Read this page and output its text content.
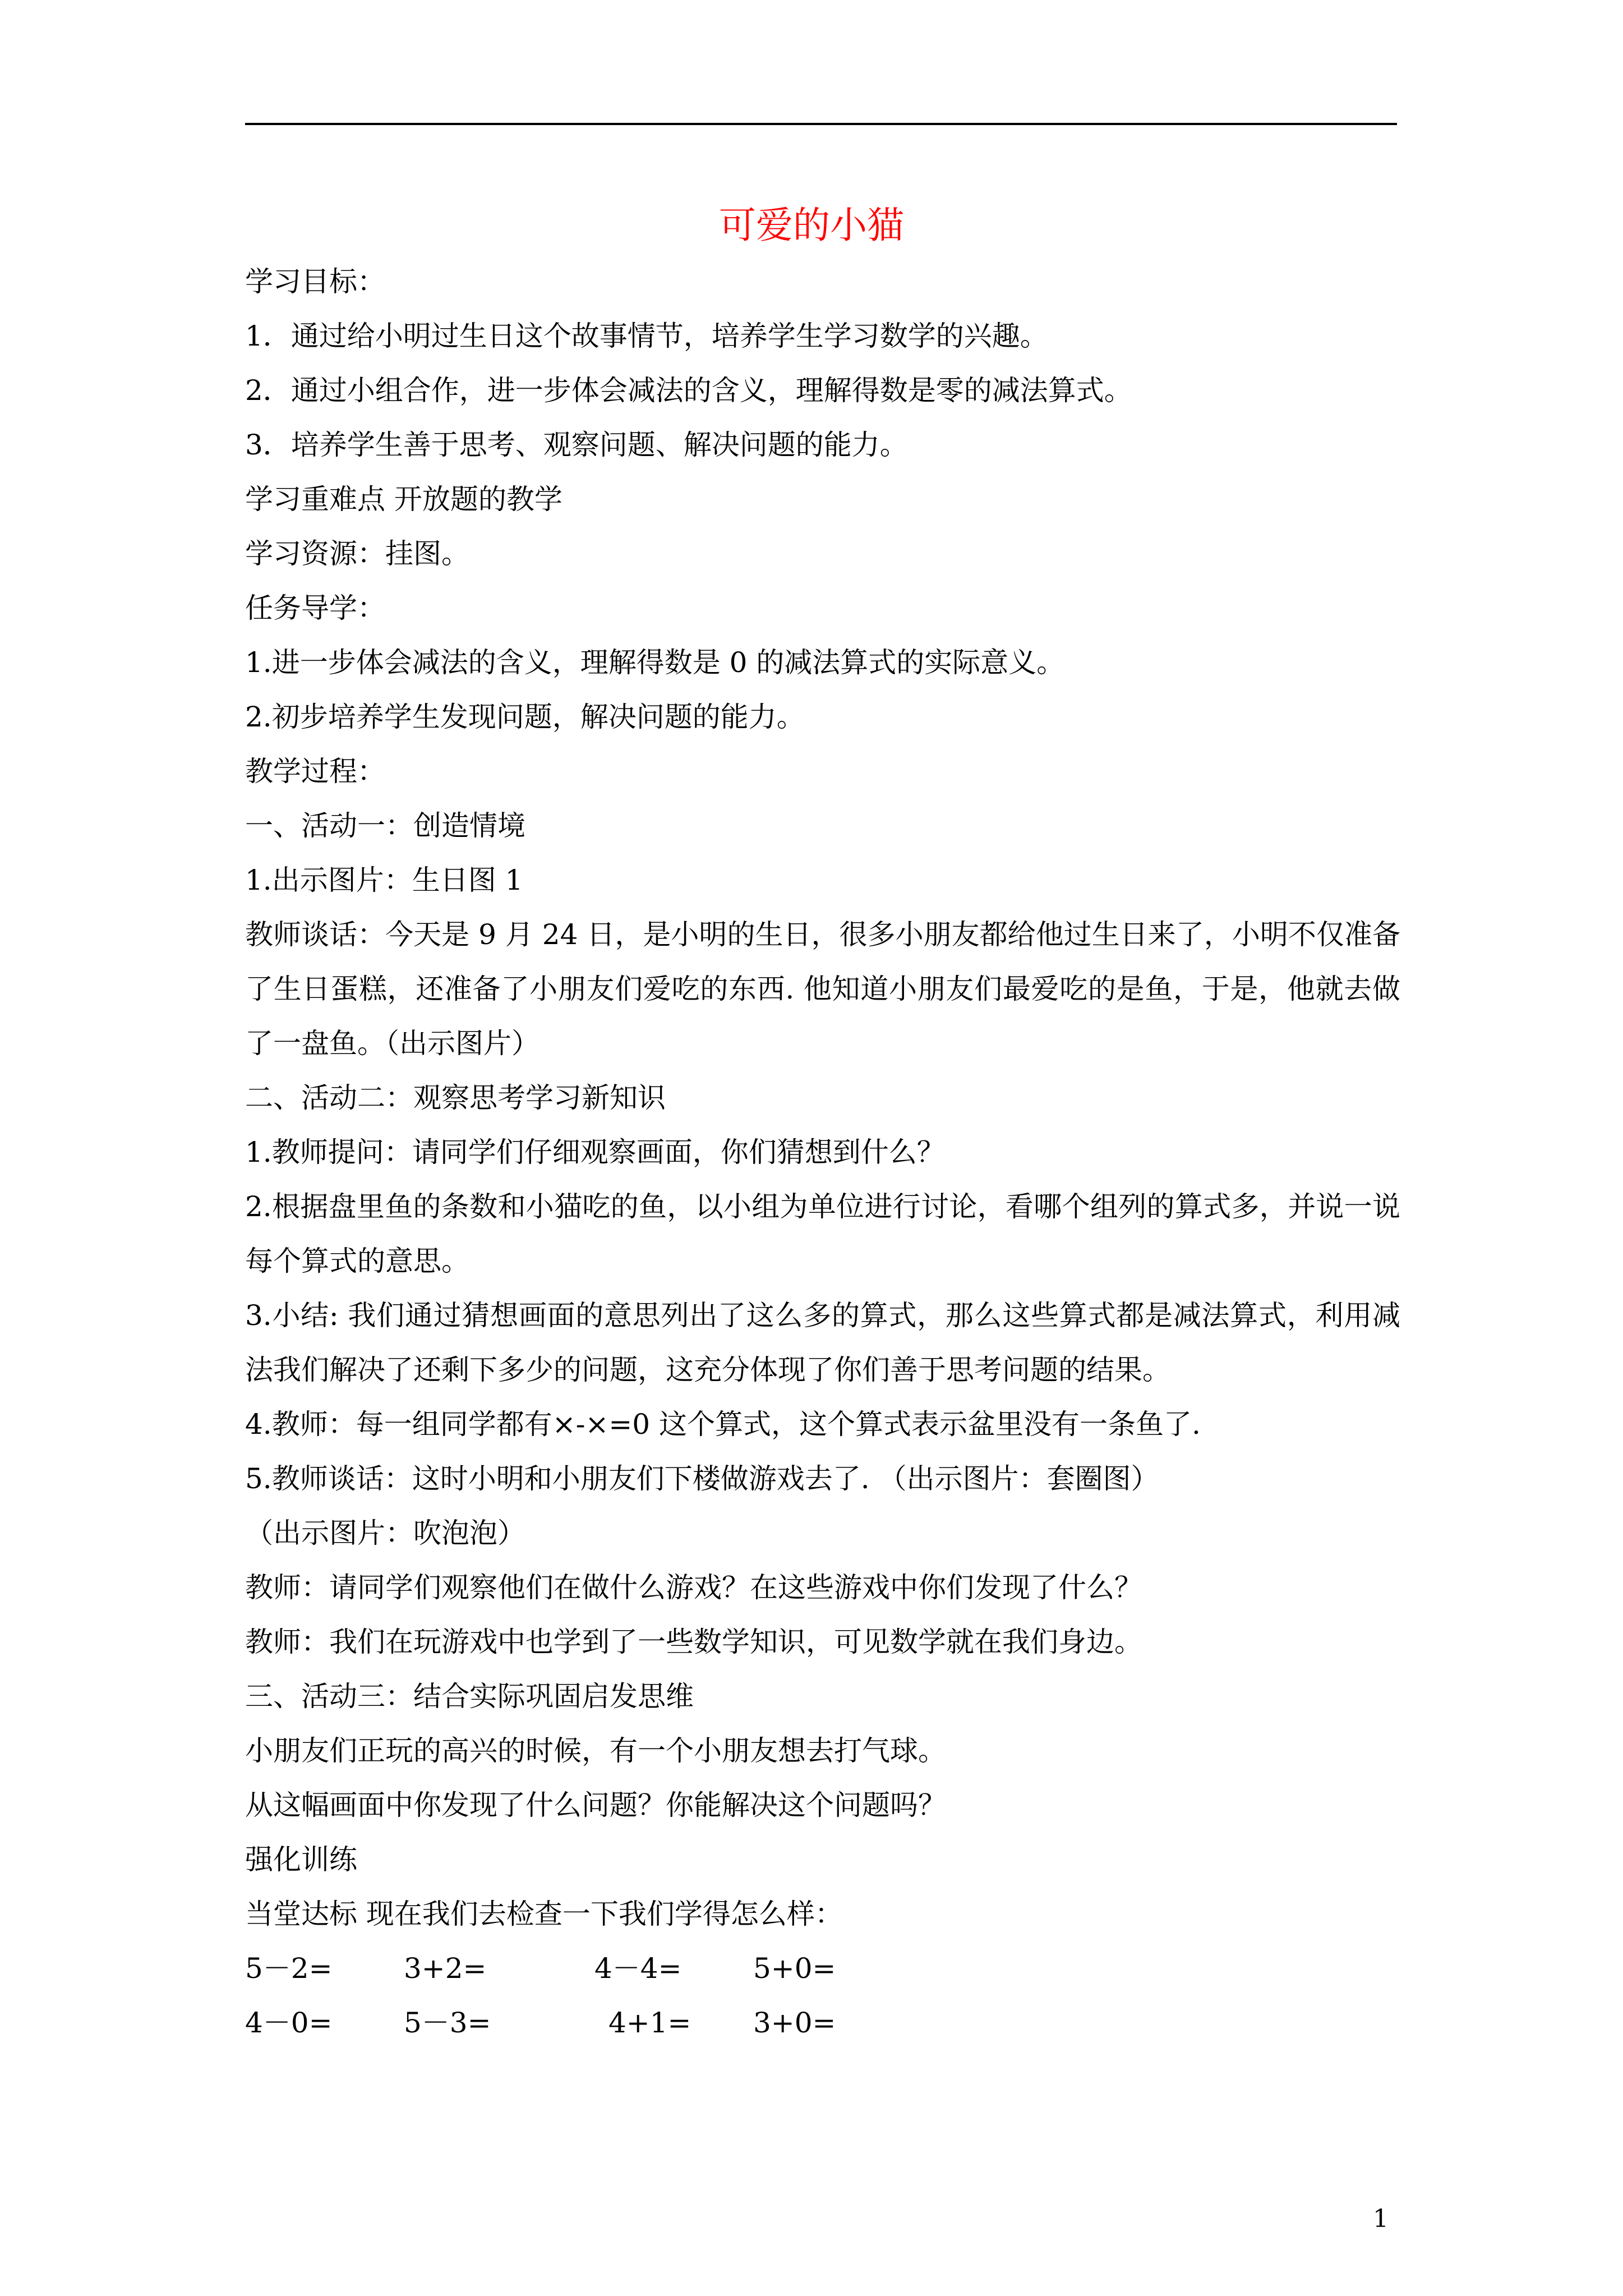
可爱的小猫

学习目标：

1．通过给小明过生日这个故事情节，培养学生学习数学的兴趣。

2．通过小组合作，进一步体会减法的含义，理解得数是零的减法算式。

3．培养学生善于思考、观察问题、解决问题的能力。

学习重难点 开放题的教学

学习资源：挂图。

任务导学：

1.进一步体会减法的含义，理解得数是 0 的减法算式的实际意义。

2.初步培养学生发现问题，解决问题的能力。

教学过程：

一、活动一：创造情境

1.出示图片：生日图 1

教师谈话：今天是 9 月 24 日，是小明的生日，很多小朋友都给他过生日来了，小明不仅准备了生日蛋糕，还准备了小朋友们爱吃的东西. 他知道小朋友们最爱吃的是鱼，于是，他就去做了一盘鱼。（出示图片）

二、活动二：观察思考学习新知识

1.教师提问：请同学们仔细观察画面，你们猜想到什么？

2.根据盘里鱼的条数和小猫吃的鱼，以小组为单位进行讨论，看哪个组列的算式多，并说一说每个算式的意思。

3.小结: 我们通过猜想画面的意思列出了这么多的算式，那么这些算式都是减法算式，利用减法我们解决了还剩下多少的问题，这充分体现了你们善于思考问题的结果。

4.教师：每一组同学都有×-×=0 这个算式，这个算式表示盆里没有一条鱼了.

5.教师谈话：这时小明和小朋友们下楼做游戏去了. （出示图片：套圈图）

（出示图片：吹泡泡）

教师：请同学们观察他们在做什么游戏？在这些游戏中你们发现了什么？

教师：我们在玩游戏中也学到了一些数学知识，可见数学就在我们身边。

三、活动三：结合实际巩固启发思维

小朋友们正玩的高兴的时候，有一个小朋友想去打气球。

从这幅画面中你发现了什么问题？你能解决这个问题吗？

强化训练

当堂达标 现在我们去检查一下我们学得怎么样：

5－2=	3+2=	4－4=	5+0=
4－0=	5－3=	4+1=	3+0=
1
